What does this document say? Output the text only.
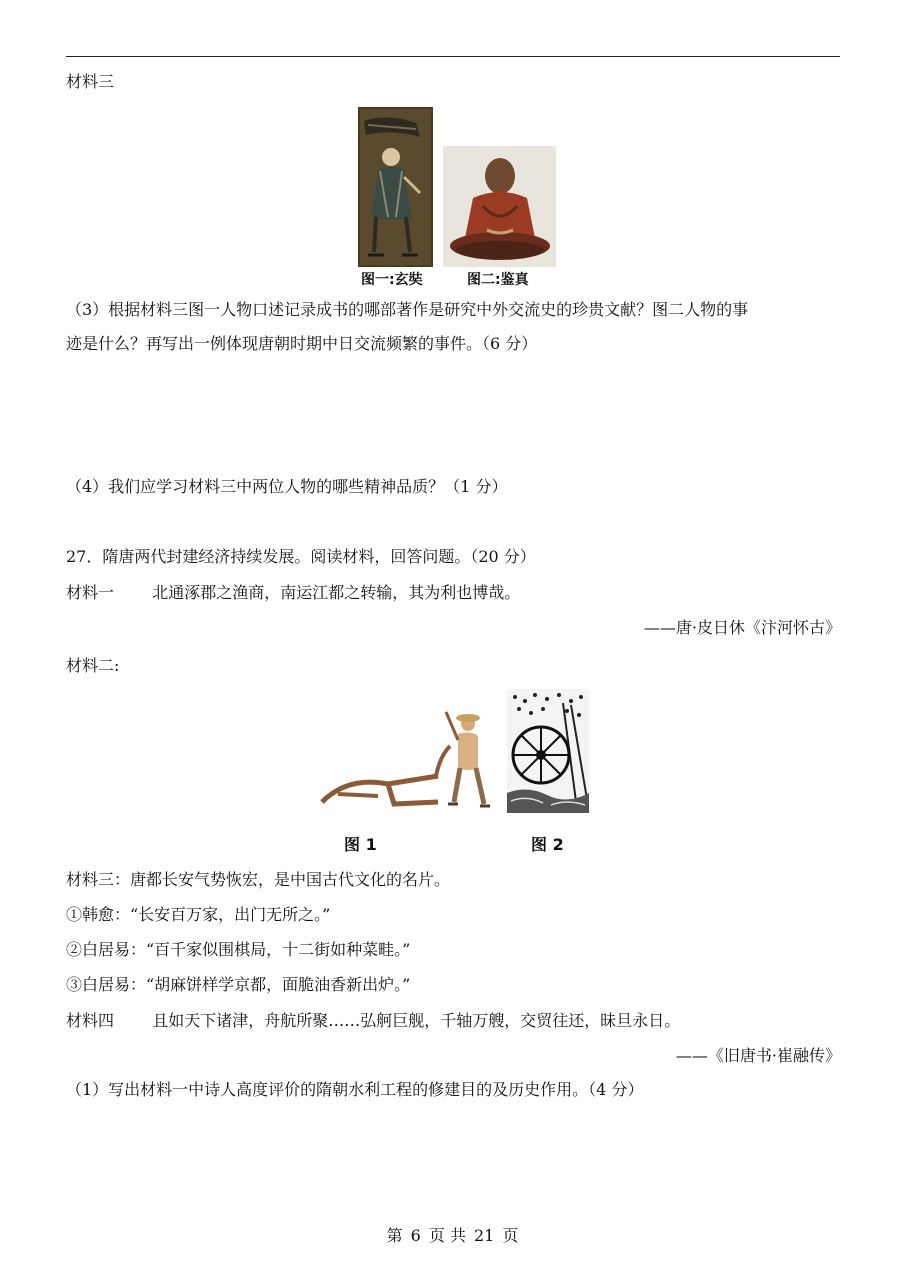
材料三
图一:玄奘	图二:鉴真
（3）根据材料三图一人物口述记录成书的哪部著作是研究中外交流史的珍贵文献？图二人物的事
迹是什么？再写出一例体现唐朝时期中日交流频繁的事件。（6 分）
（4）我们应学习材料三中两位人物的哪些精神品质？（1 分）
27．隋唐两代封建经济持续发展。阅读材料，回答问题。（20 分）
材料一 北通涿郡之渔商，南运江都之转输，其为利也博哉。
——唐·皮日休《汴河怀古》
材料二:
图 1	图 2
材料三：唐都长安气势恢宏，是中国古代文化的名片。
①韩愈：“长安百万家，出门无所之。”
②白居易：“百千家似围棋局，十二街如种菜畦。”
③白居易：“胡麻饼样学京都，面脆油香新出炉。”
材料四 且如天下诸津，舟航所聚……弘舸巨舰，千轴万艘，交贸往还，昧旦永日。
——《旧唐书·崔融传》
（1）写出材料一中诗人高度评价的隋朝水利工程的修建目的及历史作用。（4 分）
第 6 页 共 21 页
